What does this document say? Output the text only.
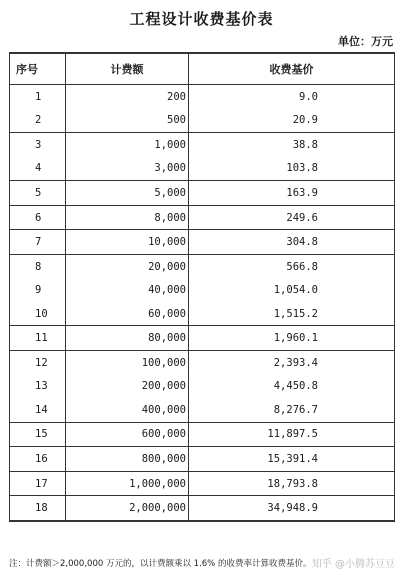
工程设计收费基价表
单位：万元
序号	计费额	收费基价
1	200	9.0
2	500	20.9
3	1,000	38.8
4	3,000	103.8
5	5,000	163.9
6	8,000	249.6
7	10,000	304.8
8	20,000	566.8
9	40,000	1,054.0
10	60,000	1,515.2
11	80,000	1,960.1
12	100,000	2,393.4
13	200,000	4,450.8
14	400,000	8,276.7
15	600,000	11,897.5
16	800,000	15,391.4
17	1,000,000	18,793.8
18	2,000,000	34,948.9
注：计费额＞2,000,000 万元的，以计费额乘以 1.6% 的收费率计算收费基价。 知乎 @小腾苏豆豆
